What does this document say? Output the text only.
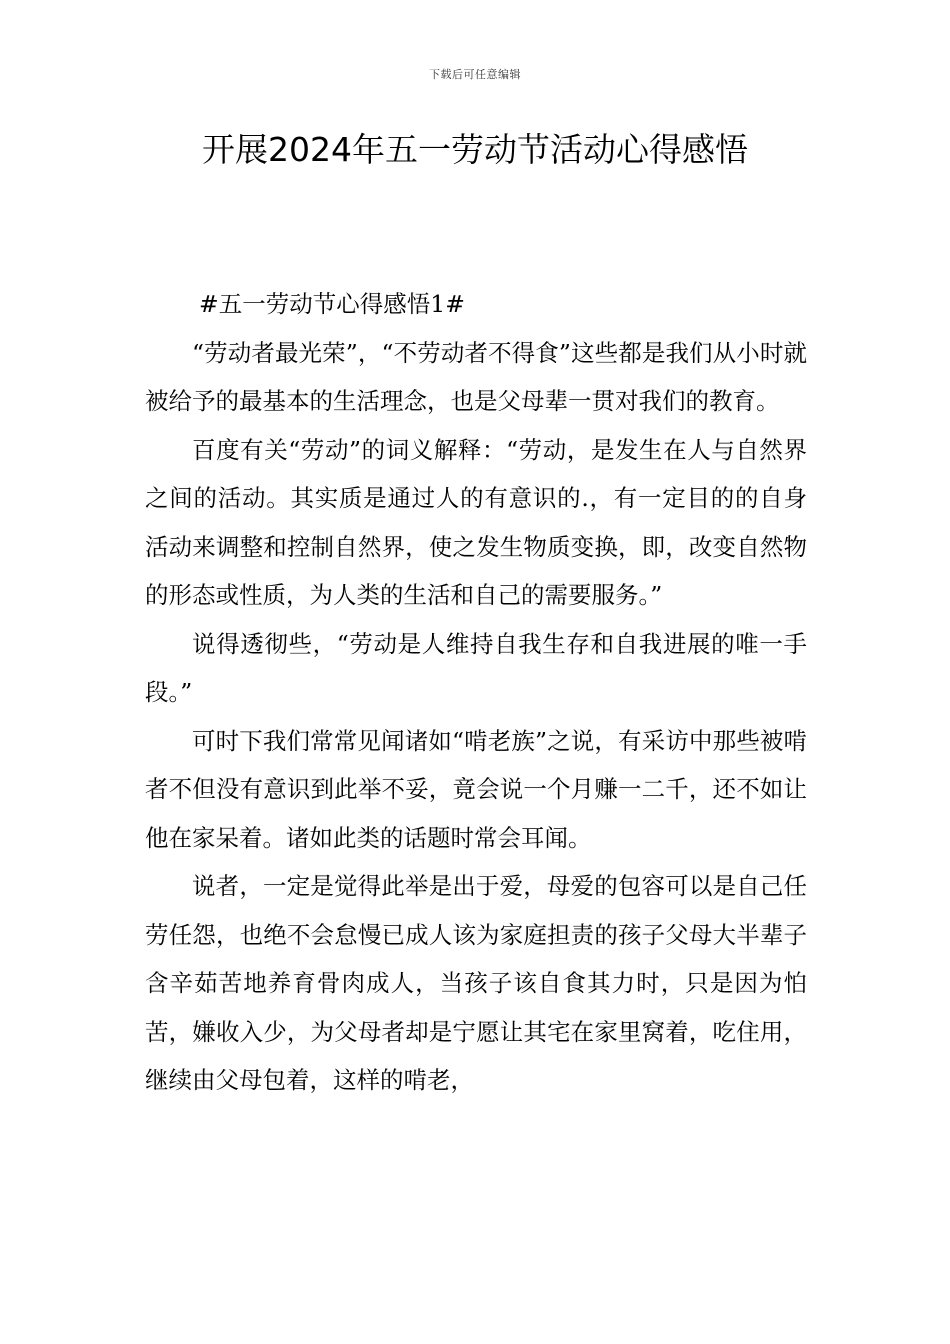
下载后可任意编辑
开展2024年五一劳动节活动心得感悟

#五一劳动节心得感悟1#

“劳动者最光荣”，“不劳动者不得食”这些都是我们从小时就被给予的最基本的生活理念，也是父母辈一贯对我们的教育。

百度有关“劳动”的词义解释：“劳动，是发生在人与自然界之间的活动。其实质是通过人的有意识的.，有一定目的的自身活动来调整和控制自然界，使之发生物质变换，即，改变自然物的形态或性质，为人类的生活和自己的需要服务。”

说得透彻些，“劳动是人维持自我生存和自我进展的唯一手段。”

可时下我们常常见闻诸如“啃老族”之说，有采访中那些被啃者不但没有意识到此举不妥，竟会说一个月赚一二千，还不如让他在家呆着。诸如此类的话题时常会耳闻。

说者，一定是觉得此举是出于爱，母爱的包容可以是自己任劳任怨，也绝不会怠慢已成人该为家庭担责的孩子父母大半辈子含辛茹苦地养育骨肉成人，当孩子该自食其力时，只是因为怕苦，嫌收入少，为父母者却是宁愿让其宅在家里窝着，吃住用，继续由父母包着，这样的啃老，
